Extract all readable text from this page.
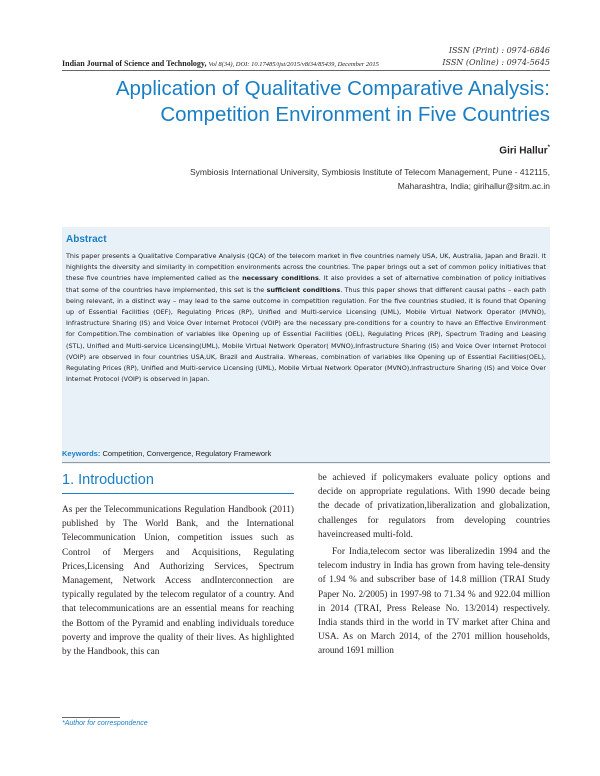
ISSN (Print) : 0974-6846
ISSN (Online) : 0974-5645
Indian Journal of Science and Technology, Vol 8(34), DOI: 10.17485/ijst/2015/v8i34/85439, December 2015
Application of Qualitative Comparative Analysis:
Competition Environment in Five Countries
Giri Hallur*
Symbiosis International University, Symbiosis Institute of Telecom Management, Pune - 412115,
Maharashtra, India; girihallur@sitm.ac.in
Abstract
This paper presents a Qualitative Comparative Analysis (QCA) of the telecom market in five countries namely USA, UK, Australia, Japan and Brazil. It highlights the diversity and similarity in competition environments across the countries. The paper brings out a set of common policy initiatives that these five countries have implemented called as the necessary conditions. It also provides a set of alternative combination of policy initiatives that some of the countries have implemented, this set is the sufficient conditions. Thus this paper shows that different causal paths – each path being relevant, in a distinct way – may lead to the same outcome in competition regulation. For the five countries studied, it is found that Opening up of Essential Facilities (OEF), Regulating Prices (RP), Unified and Multi-service Licensing (UML), Mobile Virtual Network Operator (MVNO), Infrastructure Sharing (IS) and Voice Over Internet Protocol (VOIP) are the necessary pre-conditions for a country to have an Effective Environment for Competition.The combination of variables like Opening up of Essential Facilities (OEL), Regulating Prices (RP), Spectrum Trading and Leasing (STL), Unified and Multi-service Licensing(UML), Mobile Virtual Network Operator( MVNO),Infrastructure Sharing (IS) and Voice Over Internet Protocol (VOIP) are observed in four countries USA,UK, Brazil and Australia. Whereas, combination of variables like Opening up of Essential Facilities(OEL), Regulating Prices (RP), Unified and Multi-service Licensing (UML), Mobile Virtual Network Operator (MVNO),Infrastructure Sharing (IS) and Voice Over Internet Protocol (VOIP) is observed in Japan.
Keywords: Competition, Convergence, Regulatory Framework
1. Introduction

As per the Telecommunications Regulation Handbook (2011) published by The World Bank, and the International Telecommunication Union, competition issues such as Control of Mergers and Acquisitions, Regulating Prices,Licensing And Authorizing Services, Spectrum Management, Network Access andInterconnection are typically regulated by the telecom regulator of a country. And that telecommunications are an essential means for reaching the Bottom of the Pyramid and enabling individuals toreduce poverty and improve the quality of their lives. As highlighted by the Handbook, this can

be achieved if policymakers evaluate policy options and decide on appropriate regulations. With 1990 decade being the decade of privatization,liberalization and globalization, challenges for regulators from developing countries haveincreased multi-fold.

For India,telecom sector was liberalizedin 1994 and the telecom industry in India has grown from having tele-density of 1.94 % and subscriber base of 14.8 million (TRAI Study Paper No. 2/2005) in 1997-98 to 71.34 % and 922.04 million in 2014 (TRAI, Press Release No. 13/2014) respectively. India stands third in the world in TV market after China and USA. As on March 2014, of the 2701 million households, around 1691 million

*Author for correspondence
